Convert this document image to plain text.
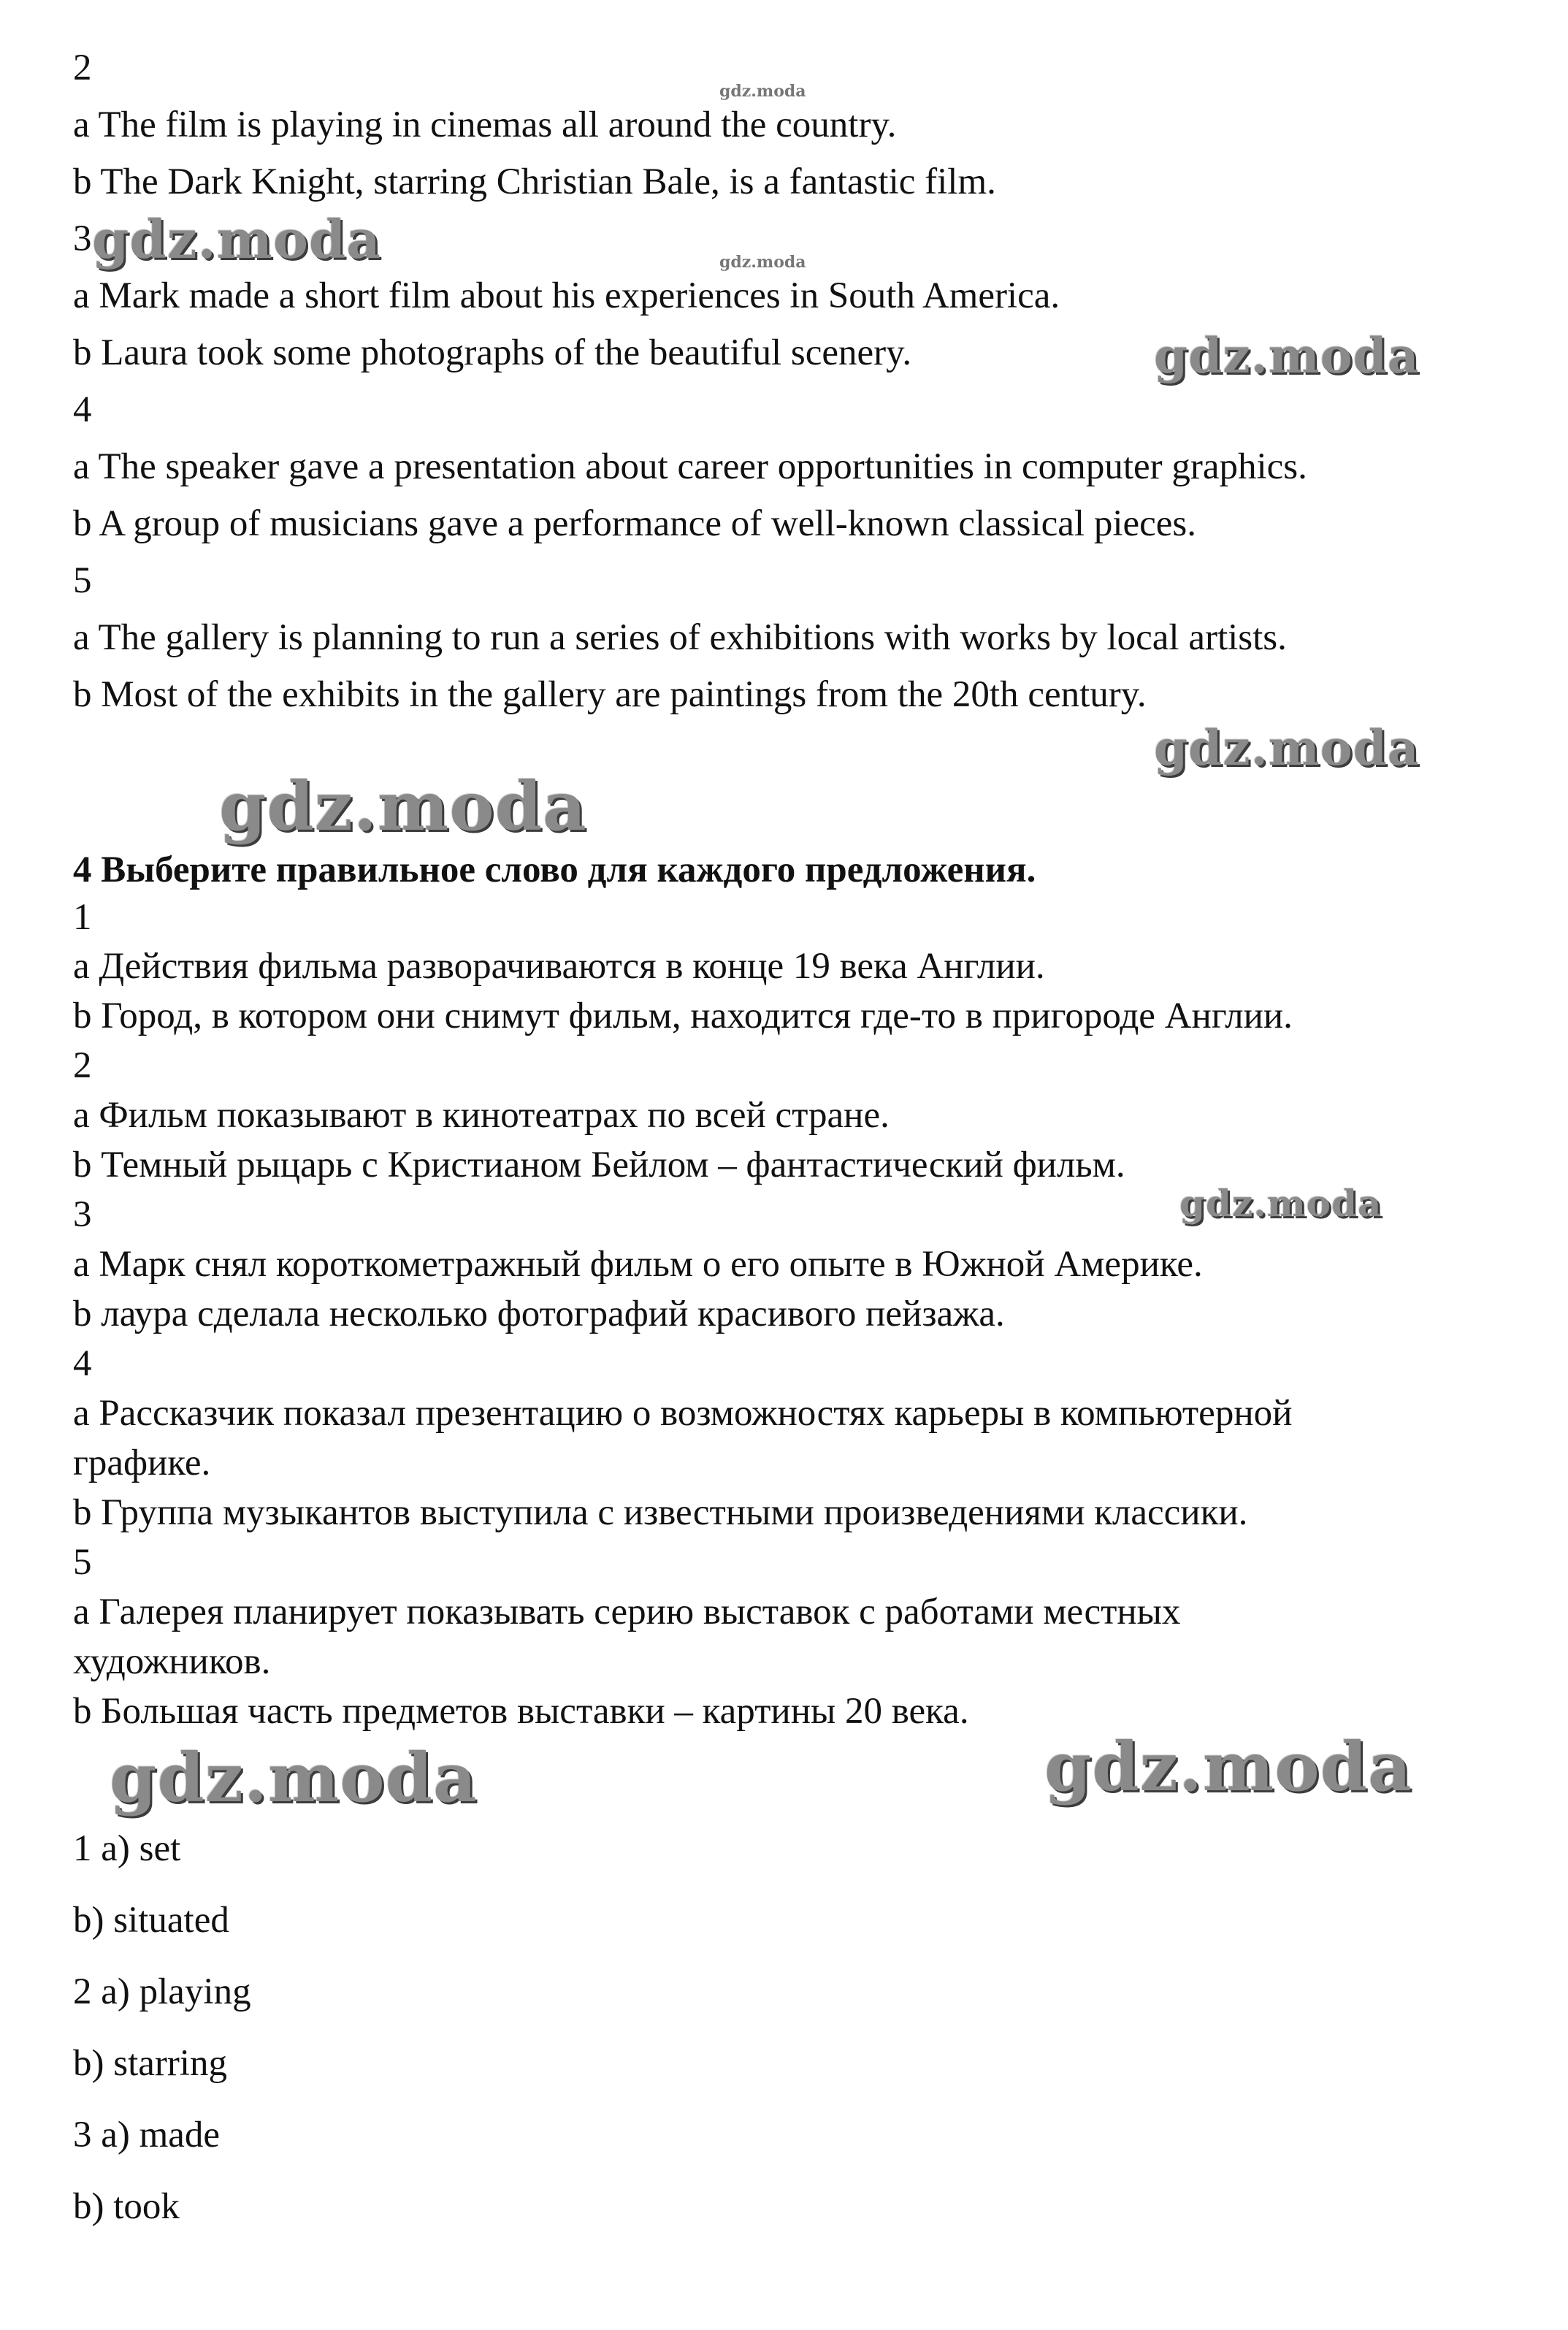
2

a The film is playing in cinemas all around the country.

b The Dark Knight, starring Christian Bale, is a fantastic film.

3

a Mark made a short film about his experiences in South America.

b Laura took some photographs of the beautiful scenery.

4

a The speaker gave a presentation about career opportunities in computer graphics.

b A group of musicians gave a performance of well-known classical pieces.

5

a The gallery is planning to run a series of exhibitions with works by local artists.

b Most of the exhibits in the gallery are paintings from the 20th century.

4 Выберите правильное слово для каждого предложения.

1

a Действия фильма разворачиваются в конце 19 века Англии.

b Город, в котором они снимут фильм, находится где-то в пригороде Англии.

2

a Фильм показывают в кинотеатрах по всей стране.

b Темный рыцарь с Кристианом Бейлом – фантастический фильм.

3

a Марк снял короткометражный фильм о его опыте в Южной Америке.

b лаура сделала несколько фотографий красивого пейзажа.

4

a Рассказчик показал презентацию о возможностях карьеры в компьютерной

графике.

b Группа музыкантов выступила с известными произведениями классики.

5

a Галерея планирует показывать серию выставок с работами местных

художников.

b Большая часть предметов выставки – картины 20 века.

1 a) set

b) situated

2 a) playing

b) starring

3 a) made

b) took

gdz.moda
gdz.moda
gdz.moda
gdz.moda
gdz.moda
gdz.moda
gdz.moda
gdz.moda	gdz.moda
